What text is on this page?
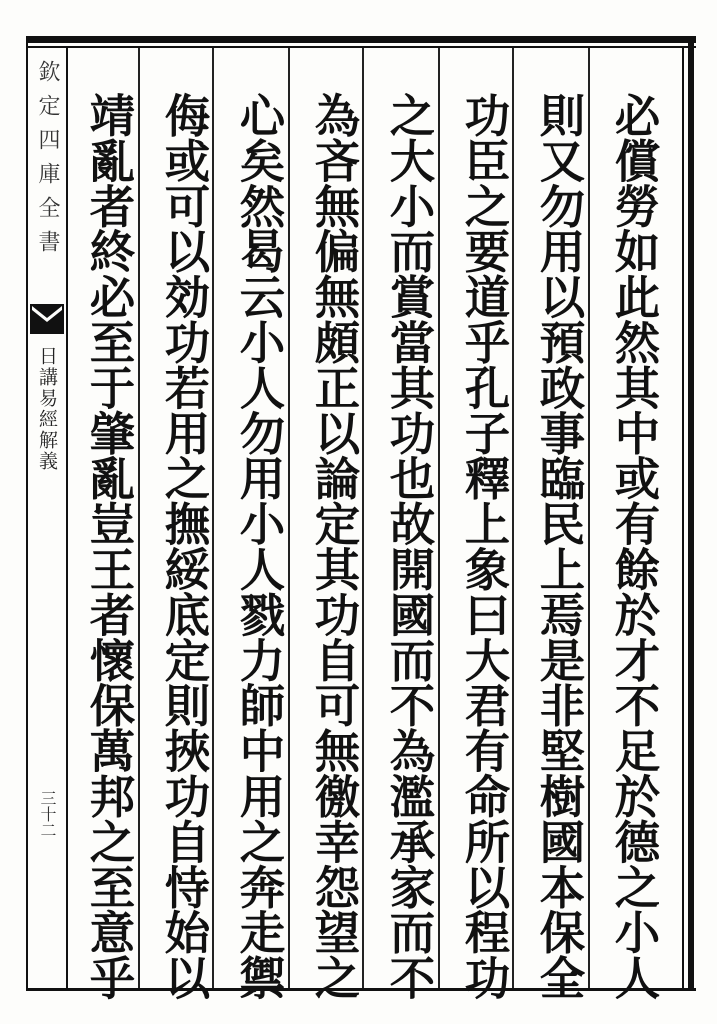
欽定四庫全書
日講易經解義
三十二	必償勞如此然其中或有餘於才不足於德之小人
則又勿用以預政事臨民上焉是非堅樹國本保全
功臣之要道乎孔子釋上象曰大君有命所以程功
之大小而賞當其功也故開國而不為濫承家而不
為吝無偏無頗正以論定其功自可無徼幸怨望之
心矣然曷云小人勿用小人戮力師中用之奔走禦
侮或可以効功若用之撫綏底定則挾功自恃始以
靖亂者終必至于肇亂豈王者懷保萬邦之至意乎
